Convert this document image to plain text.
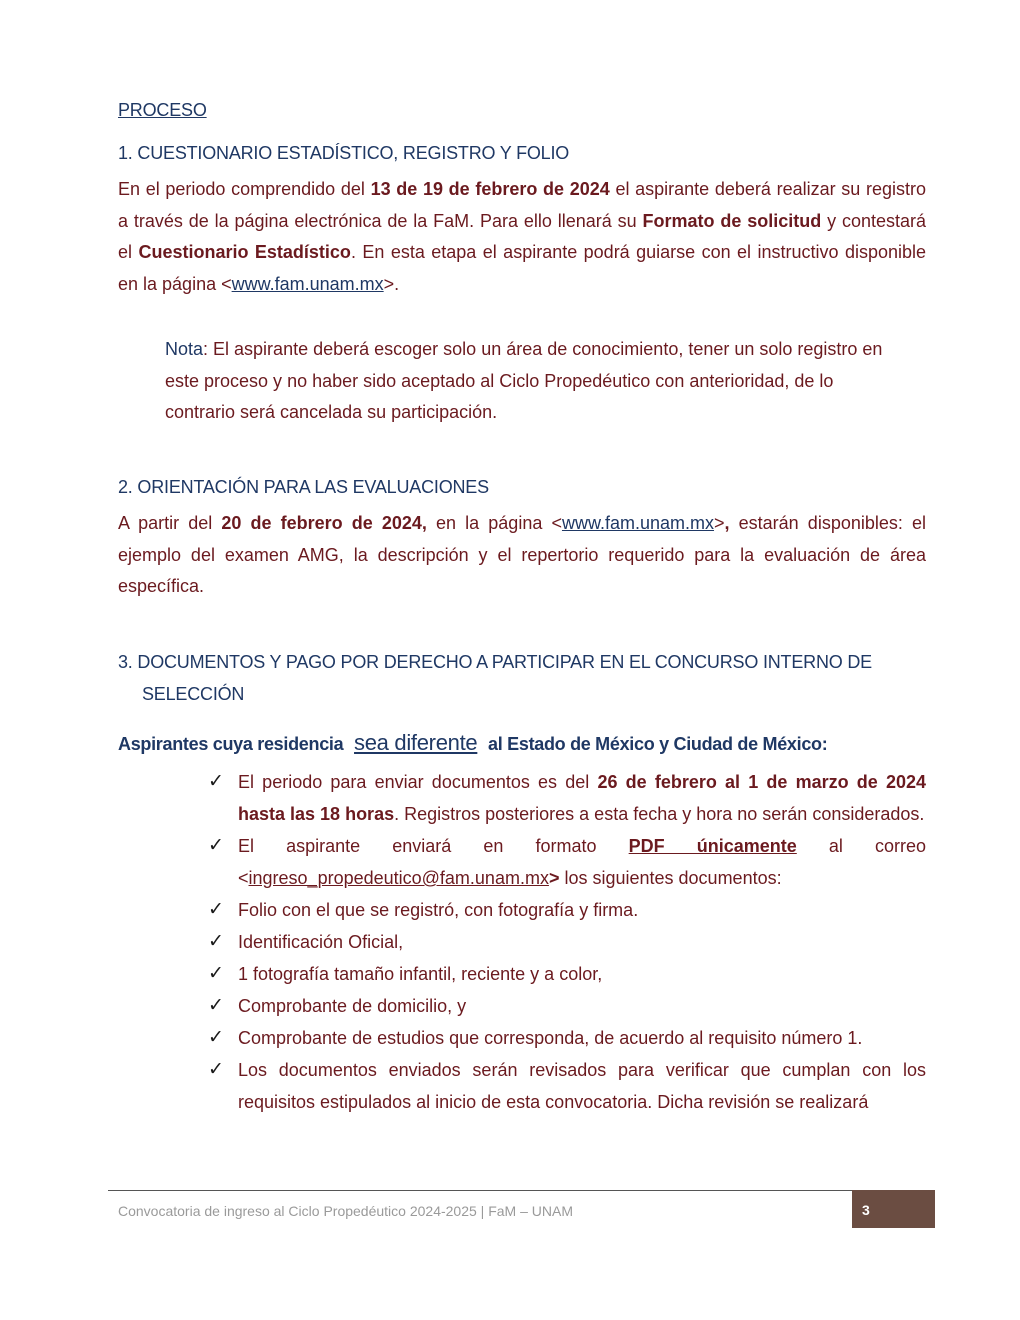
PROCESO
1. CUESTIONARIO ESTADÍSTICO, REGISTRO Y FOLIO
En el periodo comprendido del 13 de 19 de febrero de 2024 el aspirante deberá realizar su registro a través de la página electrónica de la FaM. Para ello llenará su Formato de solicitud y contestará el Cuestionario Estadístico. En esta etapa el aspirante podrá guiarse con el instructivo disponible en la página <www.fam.unam.mx>.
Nota: El aspirante deberá escoger solo un área de conocimiento, tener un solo registro en este proceso y no haber sido aceptado al Ciclo Propedéutico con anterioridad, de lo contrario será cancelada su participación.
2. ORIENTACIÓN PARA LAS EVALUACIONES
A partir del 20 de febrero de 2024, en la página <www.fam.unam.mx>, estarán disponibles: el ejemplo del examen AMG, la descripción y el repertorio requerido para la evaluación de área específica.
3. DOCUMENTOS Y PAGO POR DERECHO A PARTICIPAR EN EL CONCURSO INTERNO DE
SELECCIÓN
Aspirantes cuya residencia sea diferente al Estado de México y Ciudad de México:
✓ El periodo para enviar documentos es del 26 de febrero al 1 de marzo de 2024 hasta las 18 horas. Registros posteriores a esta fecha y hora no serán considerados.
✓ El aspirante enviará en formato PDF únicamente al correo <ingreso_propedeutico@fam.unam.mx> los siguientes documentos:
✓ Folio con el que se registró, con fotografía y firma.
✓ Identificación Oficial,
✓ 1 fotografía tamaño infantil, reciente y a color,
✓ Comprobante de domicilio, y
✓ Comprobante de estudios que corresponda, de acuerdo al requisito número 1.
✓ Los documentos enviados serán revisados para verificar que cumplan con los requisitos estipulados al inicio de esta convocatoria. Dicha revisión se realizará
Convocatoria de ingreso al Ciclo Propedéutico 2024-2025 | FaM – UNAM	3
